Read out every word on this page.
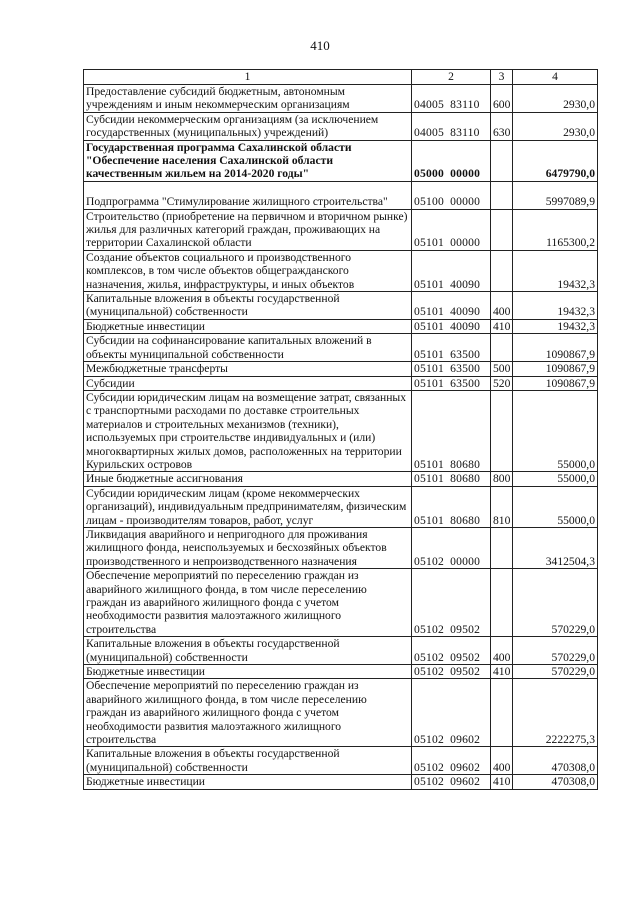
410
1	2	3	4
Предоставление субсидий бюджетным, автономным учреждениям и иным некоммерческим организациям	04005 83110	600	2930,0
Субсидии некоммерческим организациям (за исключением государственных (муниципальных) учреждений)	04005 83110	630	2930,0
Государственная программа Сахалинской области "Обеспечение населения Сахалинской области качественным жильем на 2014-2020 годы"	05000 00000		6479790,0
Подпрограмма "Стимулирование жилищного строительства"	05100 00000		5997089,9
Строительство (приобретение на первичном и вторичном рынке) жилья для различных категорий граждан, проживающих на территории Сахалинской области	05101 00000		1165300,2
Создание объектов социального и производственного комплексов, в том числе объектов общегражданского назначения, жилья, инфраструктуры, и иных объектов	05101 40090		19432,3
Капитальные вложения в объекты государственной (муниципальной) собственности	05101 40090	400	19432,3
Бюджетные инвестиции	05101 40090	410	19432,3
Субсидии на софинансирование капитальных вложений в объекты муниципальной собственности	05101 63500		1090867,9
Межбюджетные трансферты	05101 63500	500	1090867,9
Субсидии	05101 63500	520	1090867,9
Субсидии юридическим лицам на возмещение затрат, связанных с транспортными расходами по доставке строительных материалов и строительных механизмов (техники), используемых при строительстве индивидуальных и (или) многоквартирных жилых домов, расположенных на территории Курильских островов	05101 80680		55000,0
Иные бюджетные ассигнования	05101 80680	800	55000,0
Субсидии юридическим лицам (кроме некоммерческих организаций), индивидуальным предпринимателям, физическим лицам - производителям товаров, работ, услуг	05101 80680	810	55000,0
Ликвидация аварийного и непригодного для проживания жилищного фонда, неиспользуемых и бесхозяйных объектов производственного и непроизводственного назначения	05102 00000		3412504,3
Обеспечение мероприятий по переселению граждан из аварийного жилищного фонда, в том числе переселению граждан из аварийного жилищного фонда с учетом необходимости развития малоэтажного жилищного строительства	05102 09502		570229,0
Капитальные вложения в объекты государственной (муниципальной) собственности	05102 09502	400	570229,0
Бюджетные инвестиции	05102 09502	410	570229,0
Обеспечение мероприятий по переселению граждан из аварийного жилищного фонда, в том числе переселению граждан из аварийного жилищного фонда с учетом необходимости развития малоэтажного жилищного строительства	05102 09602		2222275,3
Капитальные вложения в объекты государственной (муниципальной) собственности	05102 09602	400	470308,0
Бюджетные инвестиции	05102 09602	410	470308,0
